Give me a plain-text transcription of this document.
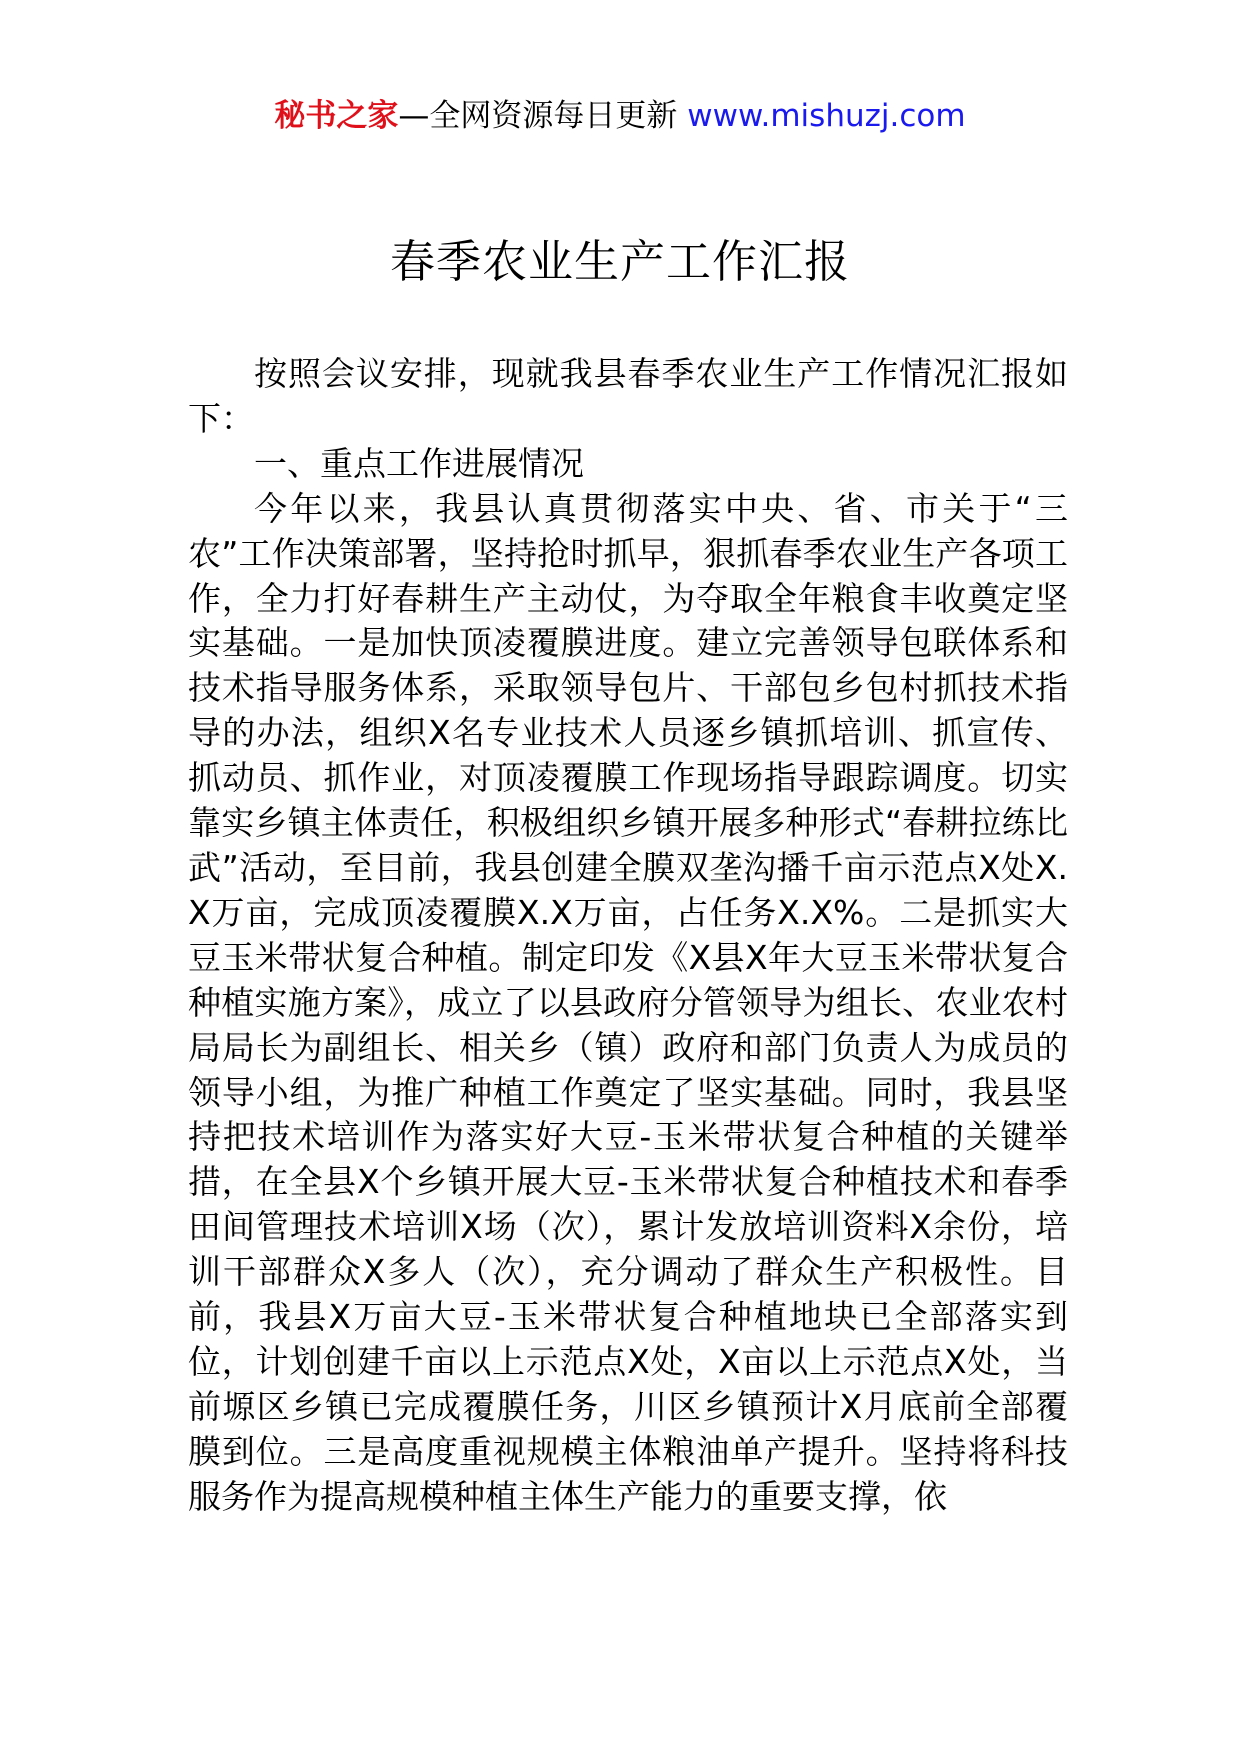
秘书之家—全网资源每日更新 www.mishuzj.com
春季农业生产工作汇报

按照会议安排，现就我县春季农业生产工作情况汇报如下：

一、重点工作进展情况

今年以来，我县认真贯彻落实中央、省、市关于“三农”工作决策部署，坚持抢时抓早，狠抓春季农业生产各项工作，全力打好春耕生产主动仗，为夺取全年粮食丰收奠定坚实基础。一是加快顶凌覆膜进度。建立完善领导包联体系和技术指导服务体系，采取领导包片、干部包乡包村抓技术指导的办法，组织X名专业技术人员逐乡镇抓培训、抓宣传、抓动员、抓作业，对顶凌覆膜工作现场指导跟踪调度。切实靠实乡镇主体责任，积极组织乡镇开展多种形式“春耕拉练比武”活动，至目前，我县创建全膜双垄沟播千亩示范点X处X.X万亩，完成顶凌覆膜X.X万亩，占任务X.X%。二是抓实大豆玉米带状复合种植。制定印发《X县X年大豆玉米带状复合种植实施方案》，成立了以县政府分管领导为组长、农业农村局局长为副组长、相关乡（镇）政府和部门负责人为成员的领导小组，为推广种植工作奠定了坚实基础。同时，我县坚持把技术培训作为落实好大豆-玉米带状复合种植的关键举措，在全县X个乡镇开展大豆-玉米带状复合种植技术和春季田间管理技术培训X场（次），累计发放培训资料X余份，培训干部群众X多人（次），充分调动了群众生产积极性。目前，我县X万亩大豆-玉米带状复合种植地块已全部落实到位，计划创建千亩以上示范点X处，X亩以上示范点X处，当前塬区乡镇已完成覆膜任务，川区乡镇预计X月底前全部覆膜到位。三是高度重视规模主体粮油单产提升。坚持将科技服务作为提高规模种植主体生产能力的重要支撑，依
